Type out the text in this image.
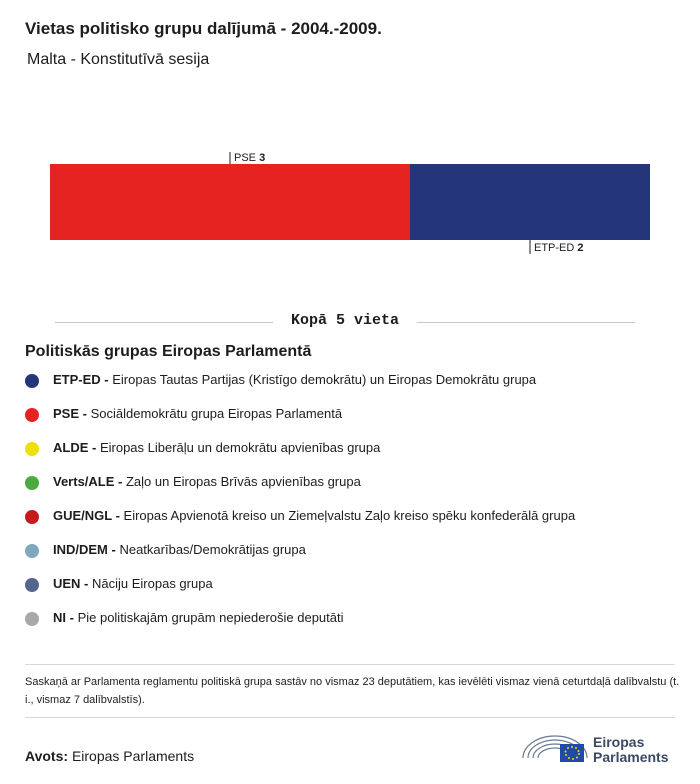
Vietas politisko grupu dalījumā - 2004.-2009.
Malta - Konstitutīvā sesija
PSE 3
ETP-ED 2
Kopā 5 vieta
Politiskās grupas Eiropas Parlamentā
ETP-ED - Eiropas Tautas Partijas (Kristīgo demokrātu) un Eiropas Demokrātu grupa
PSE - Sociāldemokrātu grupa Eiropas Parlamentā
ALDE - Eiropas Liberāļu un demokrātu apvienības grupa
Verts/ALE - Zaļo un Eiropas Brīvās apvienības grupa
GUE/NGL - Eiropas Apvienotā kreiso un Ziemeļvalstu Zaļo kreiso spēku konfederālā grupa
IND/DEM - Neatkarības/Demokrātijas grupa
UEN - Nāciju Eiropas grupa
NI - Pie politiskajām grupām nepiederošie deputāti
Saskaņā ar Parlamenta reglamentu politiskā grupa sastāv no vismaz 23 deputātiem, kas ievēlēti vismaz vienā ceturtdaļā dalībvalstu (t. i., vismaz 7 dalībvalstīs).
Avots: Eiropas Parlaments
Eiropas
Parlaments
